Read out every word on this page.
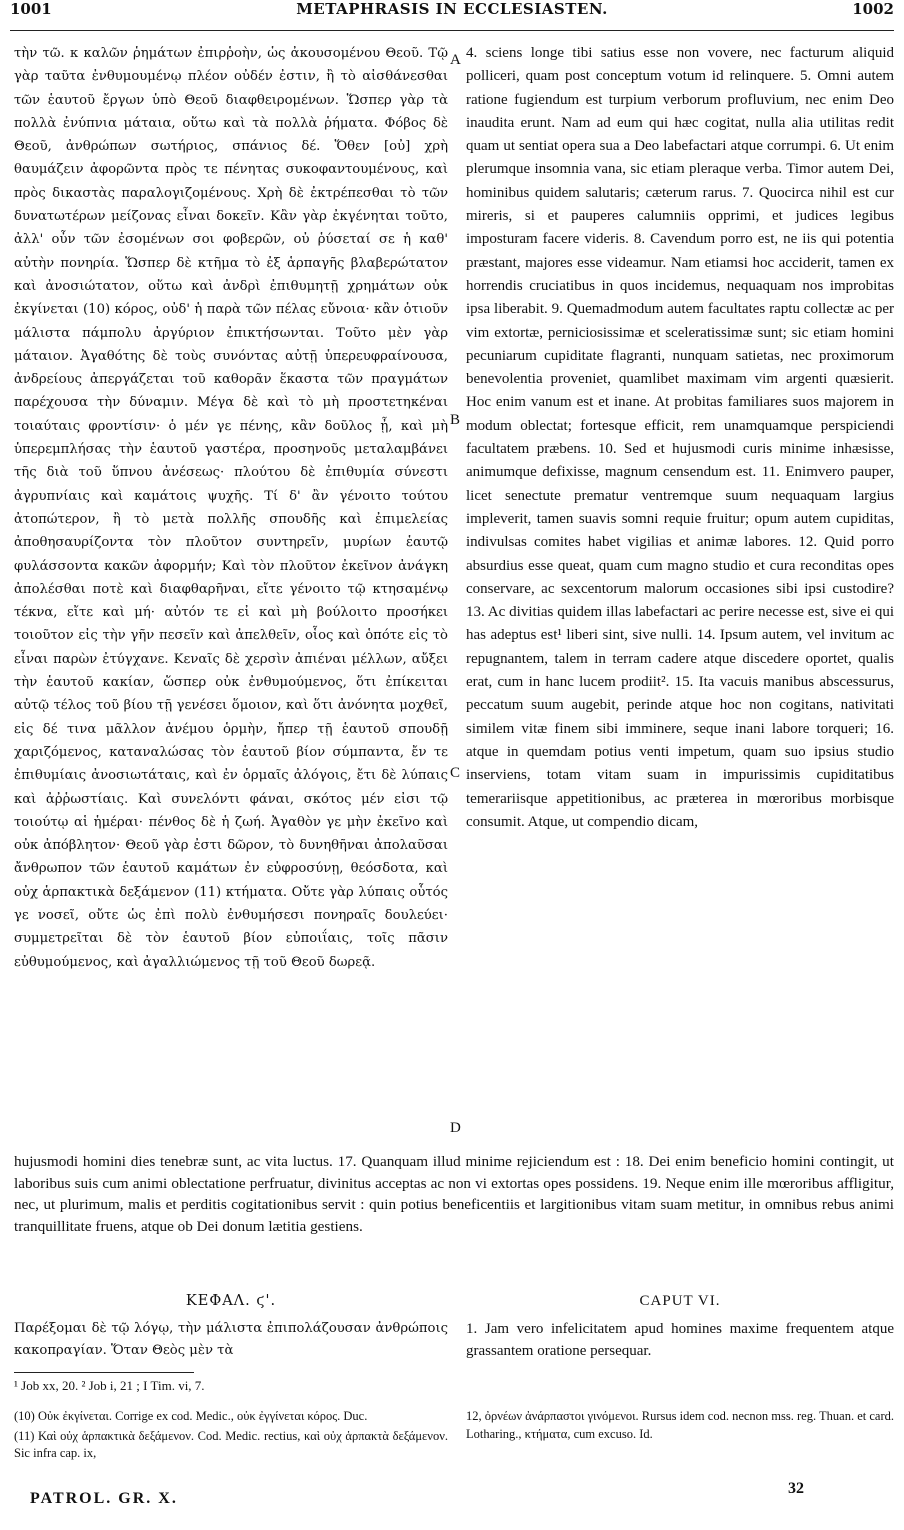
1001	METAPHRASIS IN ECCLESIASTEN.	1002

τὴν τῶ. κ καλῶν ῥημάτων ἐπιρῥοὴν, ὡς ἀκουσομένου Θεοῦ. Τῷ γὰρ ταῦτα ἐνθυμουμένῳ πλέον οὐδέν ἐστιν, ἢ τὸ αἰσθάνεσθαι τῶν ἑαυτοῦ ἔργων ὑπὸ Θεοῦ διαφθειρομένων. Ὥσπερ γὰρ τὰ πολλὰ ἐνύπνια μάταια, οὕτω καὶ τὰ πολλὰ ῥήματα. Φόβος δὲ Θεοῦ, ἀνθρώπων σωτήριος, σπάνιος δέ. Ὅθεν [οὐ] χρὴ θαυμάζειν ἀφορῶντα πρὸς τε πένητας συκοφαντουμένους, καὶ πρὸς δικαστὰς παραλογιζομένους. Χρὴ δὲ ἐκτρέπεσθαι τὸ τῶν δυνατωτέρων μείζονας εἶναι δοκεῖν. Κἂν γὰρ ἐκγένηται τοῦτο, ἀλλ' οὖν τῶν ἐσομένων σοι φοβερῶν, οὐ ῥύσεταί σε ἡ καθ' αὐτὴν πονηρία. Ὥσπερ δὲ κτῆμα τὸ ἐξ ἁρπαγῆς βλαβερώτατον καὶ ἀνοσιώτατον, οὕτω καὶ ἀνδρὶ ἐπιθυμητῇ χρημάτων οὐκ ἐκγίνεται (10) κόρος, οὐδ' ἡ παρὰ τῶν πέλας εὔνοια· κἂν ὁτιοῦν μάλιστα πάμπολυ ἀργύριον ἐπικτήσωνται. Τοῦτο μὲν γὰρ μάταιον. Ἀγαθότης δὲ τοὺς συνόντας αὐτῇ ὑπερευφραίνουσα, ἀνδρείους ἀπεργάζεται τοῦ καθορᾶν ἕκαστα τῶν πραγμάτων παρέχουσα τὴν δύναμιν. Μέγα δὲ καὶ τὸ μὴ προστετηκέναι τοιαύταις φροντίσιν· ὁ μέν γε πένης, κἂν δοῦλος ᾖ, καὶ μὴ ὑπερεμπλήσας τὴν ἑαυτοῦ γαστέρα, προσηνοῦς μεταλαμβάνει τῆς διὰ τοῦ ὕπνου ἀνέσεως· πλούτου δὲ ἐπιθυμία σύνεστι ἀγρυπνίαις καὶ καμάτοις ψυχῆς. Τί δ' ἂν γένοιτο τούτου ἀτοπώτερον, ἢ τὸ μετὰ πολλῆς σπουδῆς καὶ ἐπιμελείας ἀποθησαυρίζοντα τὸν πλοῦτον συντηρεῖν, μυρίων ἑαυτῷ φυλάσσοντα κακῶν ἀφορμήν; Καὶ τὸν πλοῦτον ἐκεῖνον ἀνάγκη ἀπολέσθαι ποτὲ καὶ διαφθαρῆναι, εἴτε γένοιτο τῷ κτησαμένῳ τέκνα, εἴτε καὶ μή· αὐτόν τε εἰ καὶ μὴ βούλοιτο προσήκει τοιοῦτον εἰς τὴν γῆν πεσεῖν καὶ ἀπελθεῖν, οἷος καὶ ὁπότε εἰς τὸ εἶναι παρὼν ἐτύγχανε. Κεναῖς δὲ χερσὶν ἀπιέναι μέλλων, αὔξει τὴν ἑαυτοῦ κακίαν, ὥσπερ οὐκ ἐνθυμούμενος, ὅτι ἐπίκειται αὐτῷ τέλος τοῦ βίου τῇ γενέσει ὅμοιον, καὶ ὅτι ἀνόνητα μοχθεῖ, εἰς δέ τινα μᾶλλον ἀνέμου ὁρμὴν, ἤπερ τῇ ἑαυτοῦ σπουδῇ χαριζόμενος, καταναλώσας τὸν ἑαυτοῦ βίον σύμπαντα, ἔν τε ἐπιθυμίαις ἀνοσιωτάταις, καὶ ἐν ὁρμαῖς ἀλόγοις, ἔτι δὲ λύπαις καὶ ἀῤῥωστίαις. Καὶ συνελόντι φάναι, σκότος μέν εἰσι τῷ τοιούτῳ αἱ ἡμέραι· πένθος δὲ ἡ ζωή. Ἀγαθὸν γε μὴν ἐκεῖνο καὶ οὐκ ἀπόβλητον· Θεοῦ γὰρ ἐστι δῶρον, τὸ δυνηθῆναι ἀπολαῦσαι ἄνθρωπον τῶν ἑαυτοῦ καμάτων ἐν εὐφροσύνῃ, θεόσδοτα, καὶ οὐχ ἁρπακτικὰ δεξάμενον (11) κτήματα. Οὔτε γὰρ λύπαις οὗτός γε νοσεῖ, οὔτε ὡς ἐπὶ πολὺ ἐνθυμήσεσι πονηραῖς δουλεύει· συμμετρεῖται δὲ τὸν ἑαυτοῦ βίον εὐποιΐαις, τοῖς πᾶσιν εὐθυμούμενος, καὶ ἀγαλλιώμενος τῇ τοῦ Θεοῦ δωρεᾷ.

A
B
C
D

4. sciens longe tibi satius esse non vovere, nec facturum aliquid polliceri, quam post conceptum votum id relinquere. 5. Omni autem ratione fugiendum est turpium verborum profluvium, nec enim Deo inaudita erunt. Nam ad eum qui hæc cogitat, nulla alia utilitas redit quam ut sentiat opera sua a Deo labefactari atque corrumpi. 6. Ut enim plerumque insomnia vana, sic etiam pleraque verba. Timor autem Dei, hominibus quidem salutaris; cæterum rarus. 7. Quocirca nihil est cur mireris, si et pauperes calumniis opprimi, et judices legibus imposturam facere videris. 8. Cavendum porro est, ne iis qui potentia præstant, majores esse videamur. Nam etiamsi hoc acciderit, tamen ex horrendis cruciatibus in quos incidemus, nequaquam nos improbitas ipsa liberabit. 9. Quemadmodum autem facultates raptu collectæ ac per vim extortæ, perniciosissimæ et sceleratissimæ sunt; sic etiam homini pecuniarum cupiditate flagranti, nunquam satietas, nec proximorum benevolentia proveniet, quamlibet maximam vim argenti quæsierit. Hoc enim vanum est et inane. At probitas familiares suos majorem in modum oblectat; fortesque efficit, rem unamquamque perspiciendi facultatem præbens. 10. Sed et hujusmodi curis minime inhæsisse, animumque defixisse, magnum censendum est. 11. Enimvero pauper, licet senectute prematur ventremque suum nequaquam largius impleverit, tamen suavis somni requie fruitur; opum autem cupiditas, indivulsas comites habet vigilias et animæ labores. 12. Quid porro absurdius esse queat, quam cum magno studio et cura reconditas opes conservare, ac sexcentorum malorum occasiones sibi ipsi custodire? 13. Ac divitias quidem illas labefactari ac perire necesse est, sive ei qui has adeptus est¹ liberi sint, sive nulli. 14. Ipsum autem, vel invitum ac repugnantem, talem in terram cadere atque discedere oportet, qualis erat, cum in hanc lucem prodiit². 15. Ita vacuis manibus abscessurus, peccatum suum augebit, perinde atque hoc non cogitans, nativitati similem vitæ finem sibi imminere, seque inani labore torqueri; 16. atque in quemdam potius venti impetum, quam suo ipsius studio inserviens, totam vitam suam in impurissimis cupiditatibus temerariisque appetitionibus, ac præterea in mœroribus morbisque consumit. Atque, ut compendio dicam,

hujusmodi homini dies tenebræ sunt, ac vita luctus. 17. Quanquam illud minime rejiciendum est : 18. Dei enim beneficio homini contingit, ut laboribus suis cum animi oblectatione perfruatur, divinitus acceptas ac non vi extortas opes possidens. 19. Neque enim ille mœroribus affligitur, nec, ut plurimum, malis et perditis cogitationibus servit : quin potius beneficentiis et largitionibus vitam suam metitur, in omnibus rebus animi tranquillitate fruens, atque ob Dei donum lætitia gestiens.

ΚΕΦΑΛ. ϛ'.	CAPUT VI.
Παρέξομαι δὲ τῷ λόγῳ, τὴν μάλιστα ἐπιπολάζουσαν ἀνθρώποις κακοπραγίαν. Ὅταν Θεὸς μὲν τὰ
1. Jam vero infelicitatem apud homines maxime frequentem atque grassantem oratione persequar.
¹ Job xx, 20. ² Job i, 21 ; I Tim. vi, 7.

(10) Οὐκ ἐκγίνεται. Corrige ex cod. Medic., οὐκ ἐγγίνεται κόρος. Duc.

(11) Καὶ οὐχ ἁρπακτικὰ δεξάμενον. Cod. Medic. rectius, καὶ οὐχ ἁρπακτὰ δεξάμενον. Sic infra cap. ix,

12, ὀρνέων ἀνάρπαστοι γινόμενοι. Rursus idem cod. necnon mss. reg. Thuan. et card. Lotharing., κτήματα, cum excuso. Id.

PATROL. GR. X.
32
